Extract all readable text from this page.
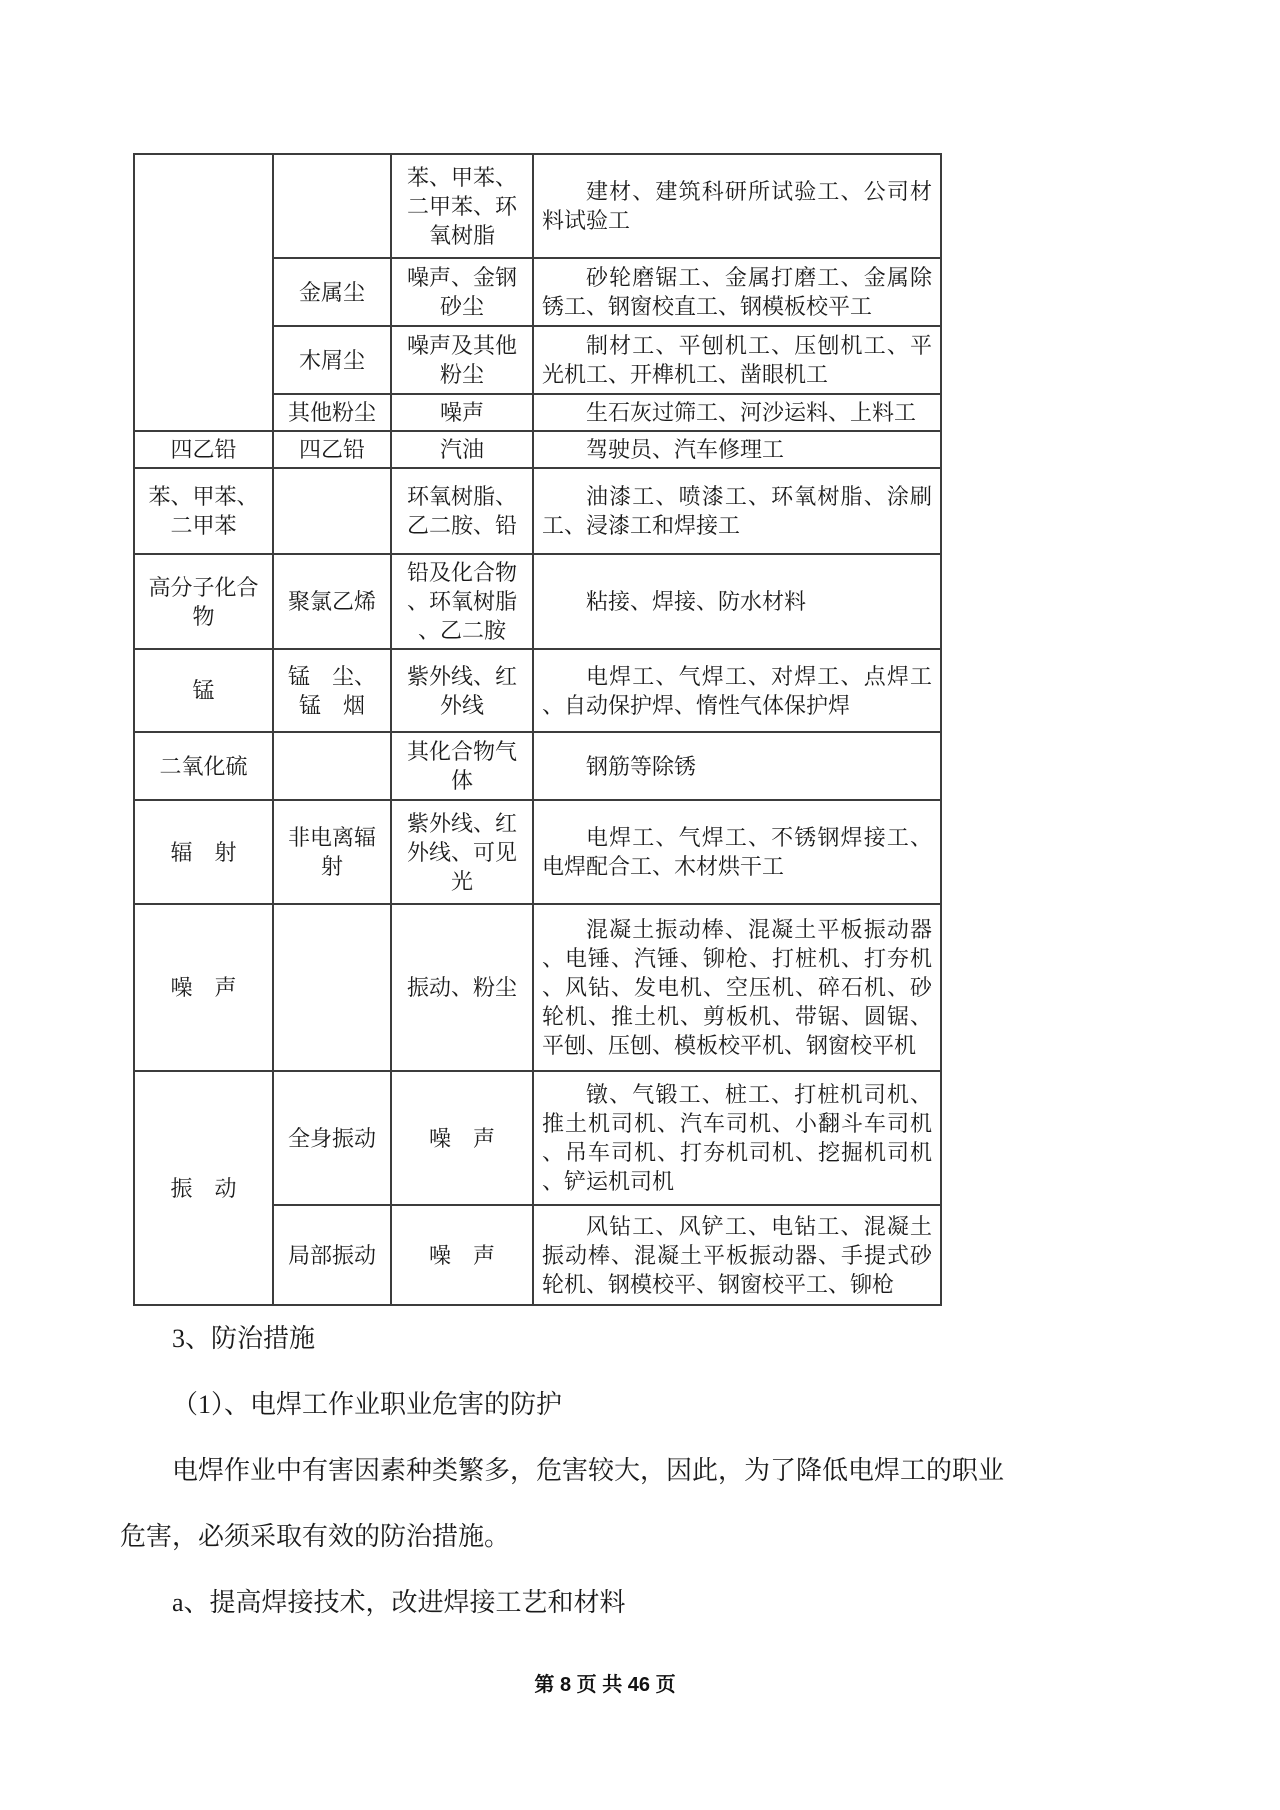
		苯、甲苯、二甲苯、环氧树脂	建材、建筑科研所试验工、公司材料试验工
	金属尘	噪声、金钢砂尘	砂轮磨锯工、金属打磨工、金属除锈工、钢窗校直工、钢模板校平工
	木屑尘	噪声及其他粉尘	制材工、平刨机工、压刨机工、平光机工、开榫机工、凿眼机工
	其他粉尘	噪声	生石灰过筛工、河沙运料、上料工
四乙铅	四乙铅	汽油	驾驶员、汽车修理工
苯、甲苯、二甲苯		环氧树脂、乙二胺、铅	油漆工、喷漆工、环氧树脂、涂刷工、浸漆工和焊接工
高分子化合物	聚氯乙烯	铅及化合物、环氧树脂、乙二胺	粘接、焊接、防水材料
锰	锰　尘、锰　烟	紫外线、红外线	电焊工、气焊工、对焊工、点焊工、自动保护焊、惰性气体保护焊
二氧化硫		其化合物气体	钢筋等除锈
辐　射	非电离辐射	紫外线、红外线、可见光	电焊工、气焊工、不锈钢焊接工、电焊配合工、木材烘干工
噪　声		振动、粉尘	混凝土振动棒、混凝土平板振动器、电锤、汽锤、铆枪、打桩机、打夯机、风钻、发电机、空压机、碎石机、砂轮机、推土机、剪板机、带锯、圆锯、平刨、压刨、模板校平机、钢窗校平机
振　动	全身振动	噪　声	镦、气锻工、桩工、打桩机司机、推土机司机、汽车司机、小翻斗车司机、吊车司机、打夯机司机、挖掘机司机、铲运机司机
	局部振动	噪　声	风钻工、风铲工、电钻工、混凝土振动棒、混凝土平板振动器、手提式砂轮机、钢模校平、钢窗校平工、铆枪

3、防治措施

（1）、电焊工作业职业危害的防护

电焊作业中有害因素种类繁多，危害较大，因此，为了降低电焊工的职业危害，必须采取有效的防治措施。

a、提高焊接技术，改进焊接工艺和材料

第 8 页 共 46 页
